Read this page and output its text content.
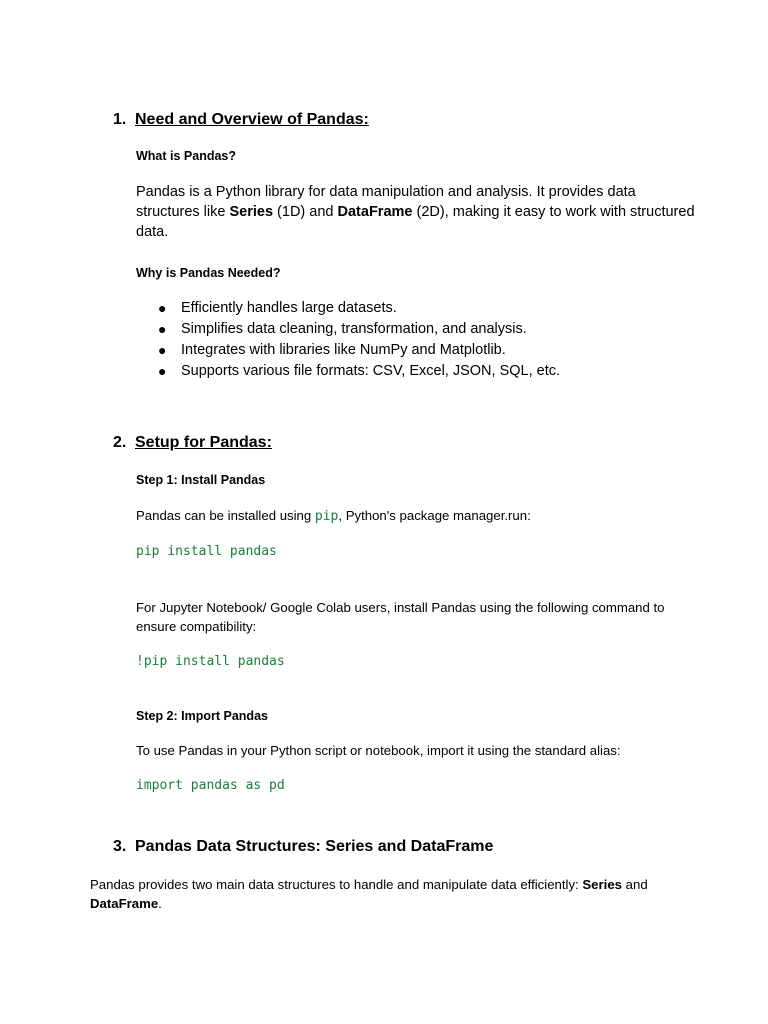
1. Need and Overview of Pandas:
What is Pandas?
Pandas is a Python library for data manipulation and analysis. It provides data structures like Series (1D) and DataFrame (2D), making it easy to work with structured data.
Why is Pandas Needed?
● Efficiently handles large datasets.
● Simplifies data cleaning, transformation, and analysis.
● Integrates with libraries like NumPy and Matplotlib.
● Supports various file formats: CSV, Excel, JSON, SQL, etc.
2. Setup for Pandas:
Step 1: Install Pandas
Pandas can be installed using pip, Python's package manager.run:
pip install pandas
For Jupyter Notebook/ Google Colab users, install Pandas using the following command to ensure compatibility:
!pip install pandas
Step 2: Import Pandas
To use Pandas in your Python script or notebook, import it using the standard alias:
import pandas as pd
3. Pandas Data Structures: Series and DataFrame
Pandas provides two main data structures to handle and manipulate data efficiently: Series and DataFrame.
